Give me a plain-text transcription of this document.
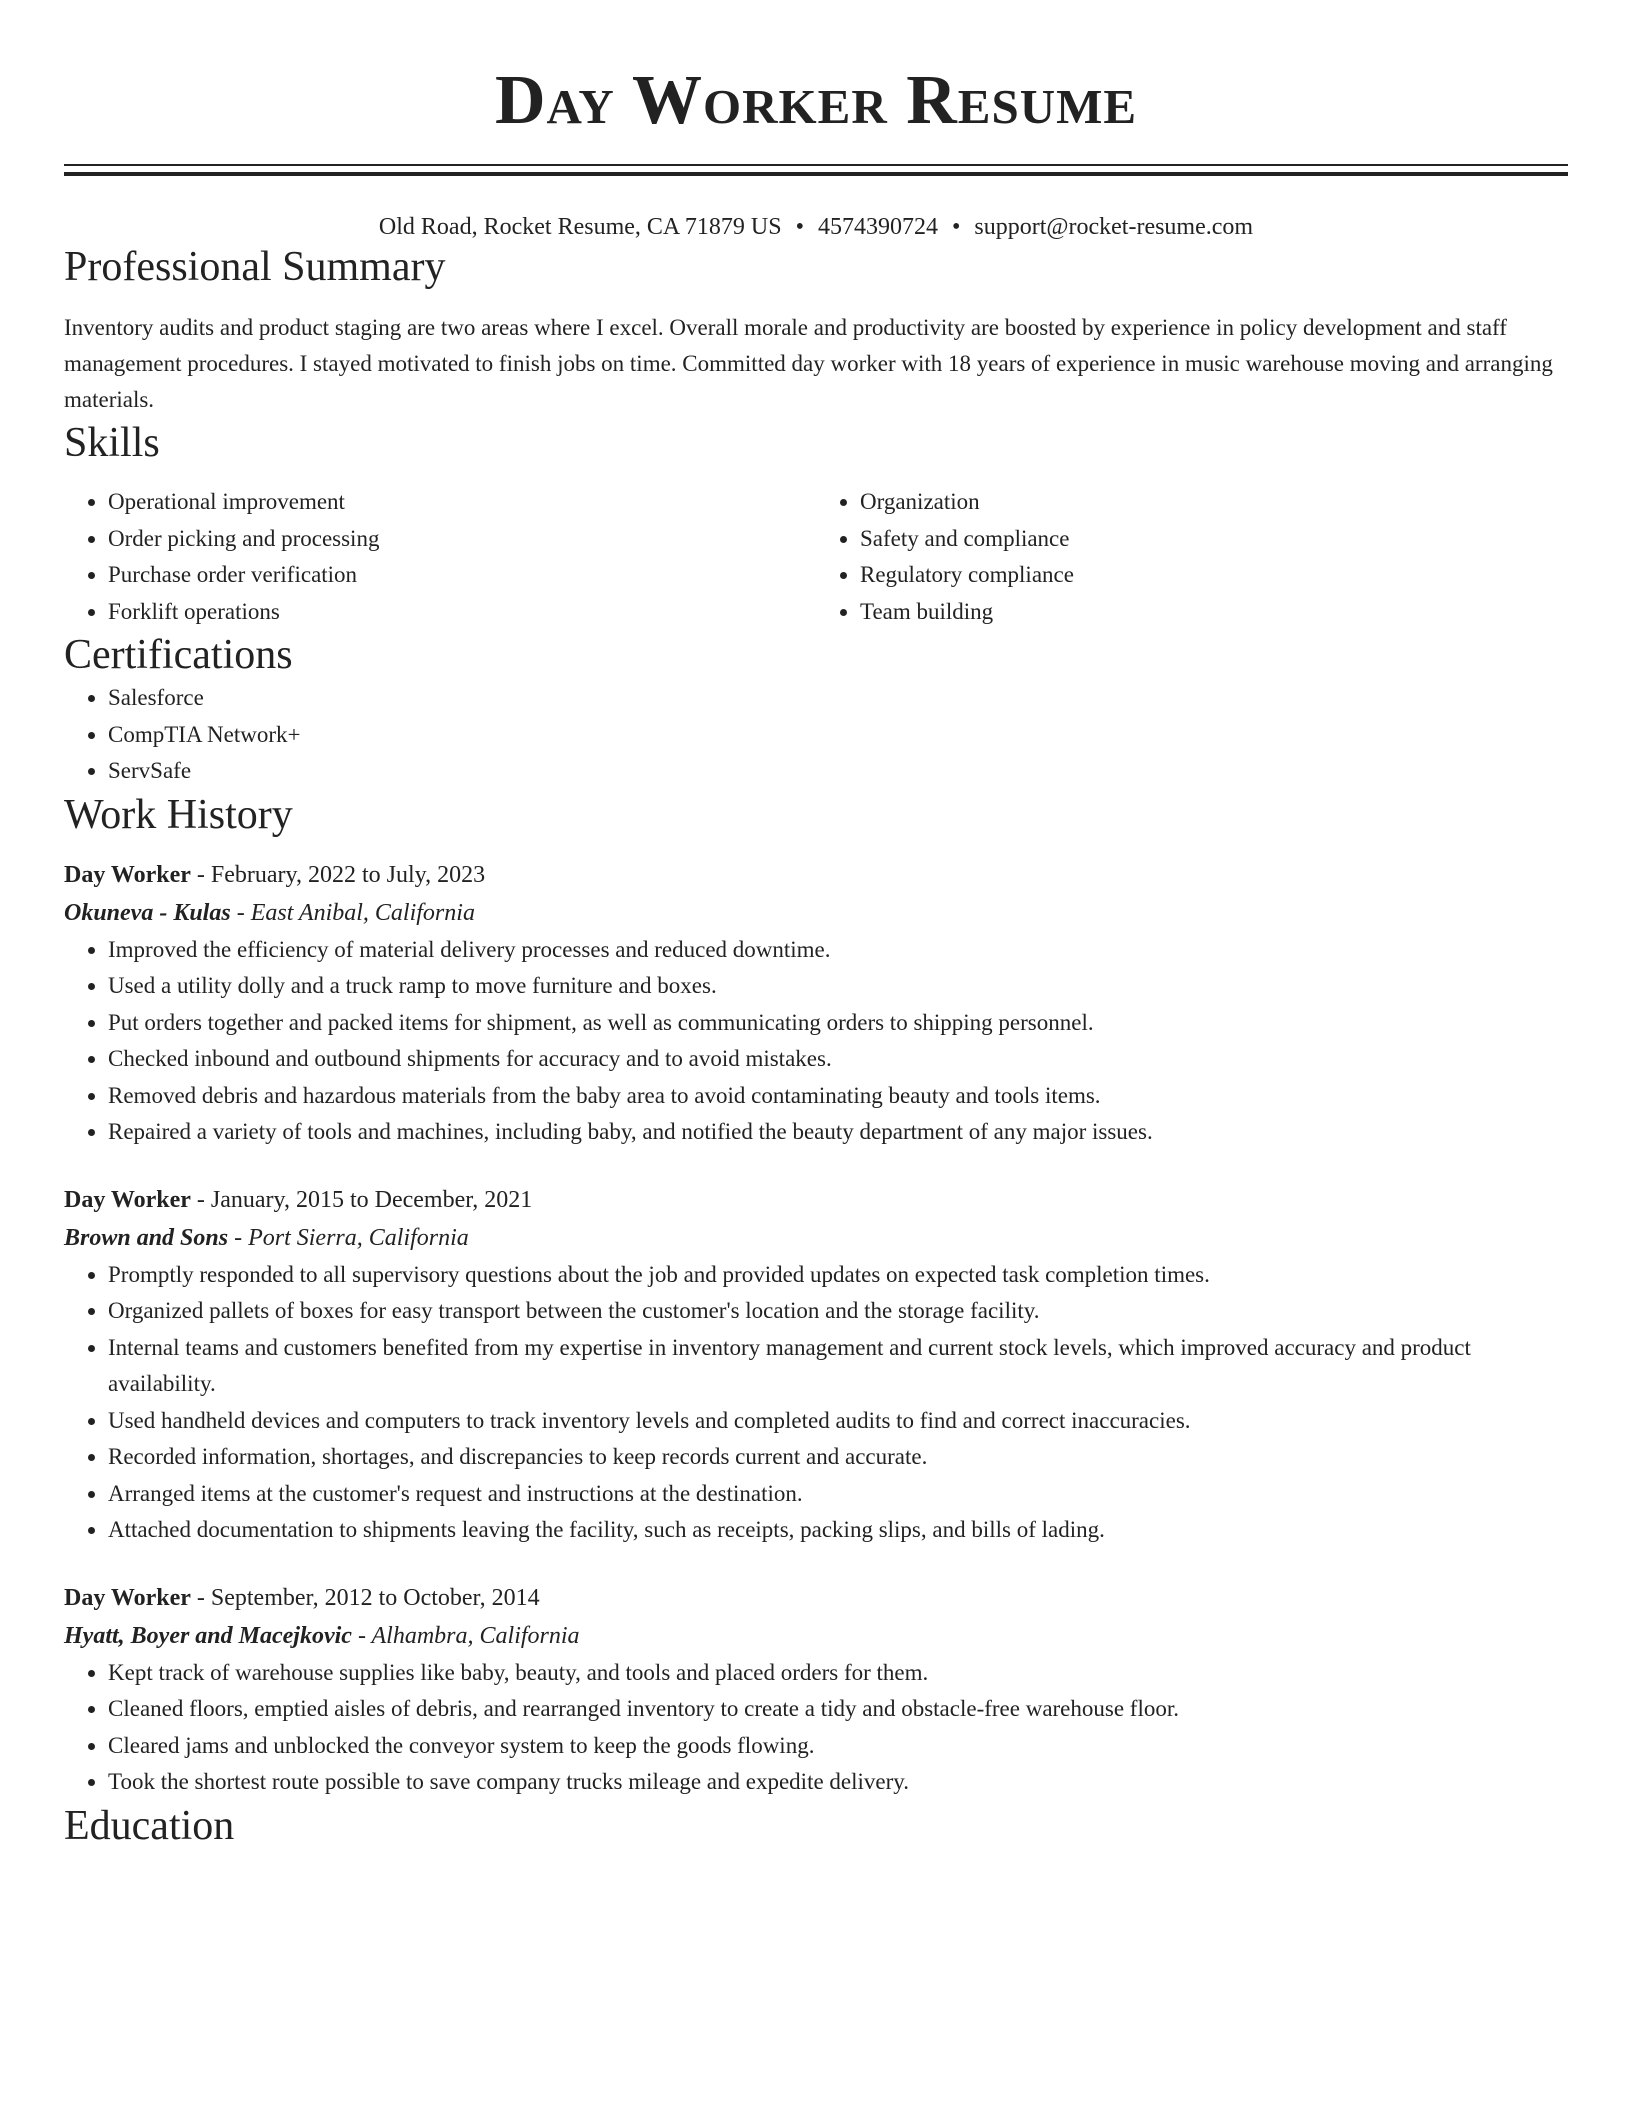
Day Worker Resume
Old Road, Rocket Resume, CA 71879 US • 4574390724 • support@rocket-resume.com
Professional Summary

Inventory audits and product staging are two areas where I excel. Overall morale and productivity are boosted by experience in policy development and staff management procedures. I stayed motivated to finish jobs on time. Committed day worker with 18 years of experience in music warehouse moving and arranging materials.

Skills
• Operational improvement
• Order picking and processing
• Purchase order verification
• Forklift operations
• Organization
• Safety and compliance
• Regulatory compliance
• Team building
Certifications
• Salesforce
• CompTIA Network+
• ServSafe
Work History
Day Worker - February, 2022 to July, 2023
Okuneva - Kulas - East Anibal, California
• Improved the efficiency of material delivery processes and reduced downtime.
• Used a utility dolly and a truck ramp to move furniture and boxes.
• Put orders together and packed items for shipment, as well as communicating orders to shipping personnel.
• Checked inbound and outbound shipments for accuracy and to avoid mistakes.
• Removed debris and hazardous materials from the baby area to avoid contaminating beauty and tools items.
• Repaired a variety of tools and machines, including baby, and notified the beauty department of any major issues.
Day Worker - January, 2015 to December, 2021
Brown and Sons - Port Sierra, California
• Promptly responded to all supervisory questions about the job and provided updates on expected task completion times.
• Organized pallets of boxes for easy transport between the customer's location and the storage facility.
• Internal teams and customers benefited from my expertise in inventory management and current stock levels, which improved accuracy and product availability.
• Used handheld devices and computers to track inventory levels and completed audits to find and correct inaccuracies.
• Recorded information, shortages, and discrepancies to keep records current and accurate.
• Arranged items at the customer's request and instructions at the destination.
• Attached documentation to shipments leaving the facility, such as receipts, packing slips, and bills of lading.
Day Worker - September, 2012 to October, 2014
Hyatt, Boyer and Macejkovic - Alhambra, California
• Kept track of warehouse supplies like baby, beauty, and tools and placed orders for them.
• Cleaned floors, emptied aisles of debris, and rearranged inventory to create a tidy and obstacle-free warehouse floor.
• Cleared jams and unblocked the conveyor system to keep the goods flowing.
• Took the shortest route possible to save company trucks mileage and expedite delivery.
Education
